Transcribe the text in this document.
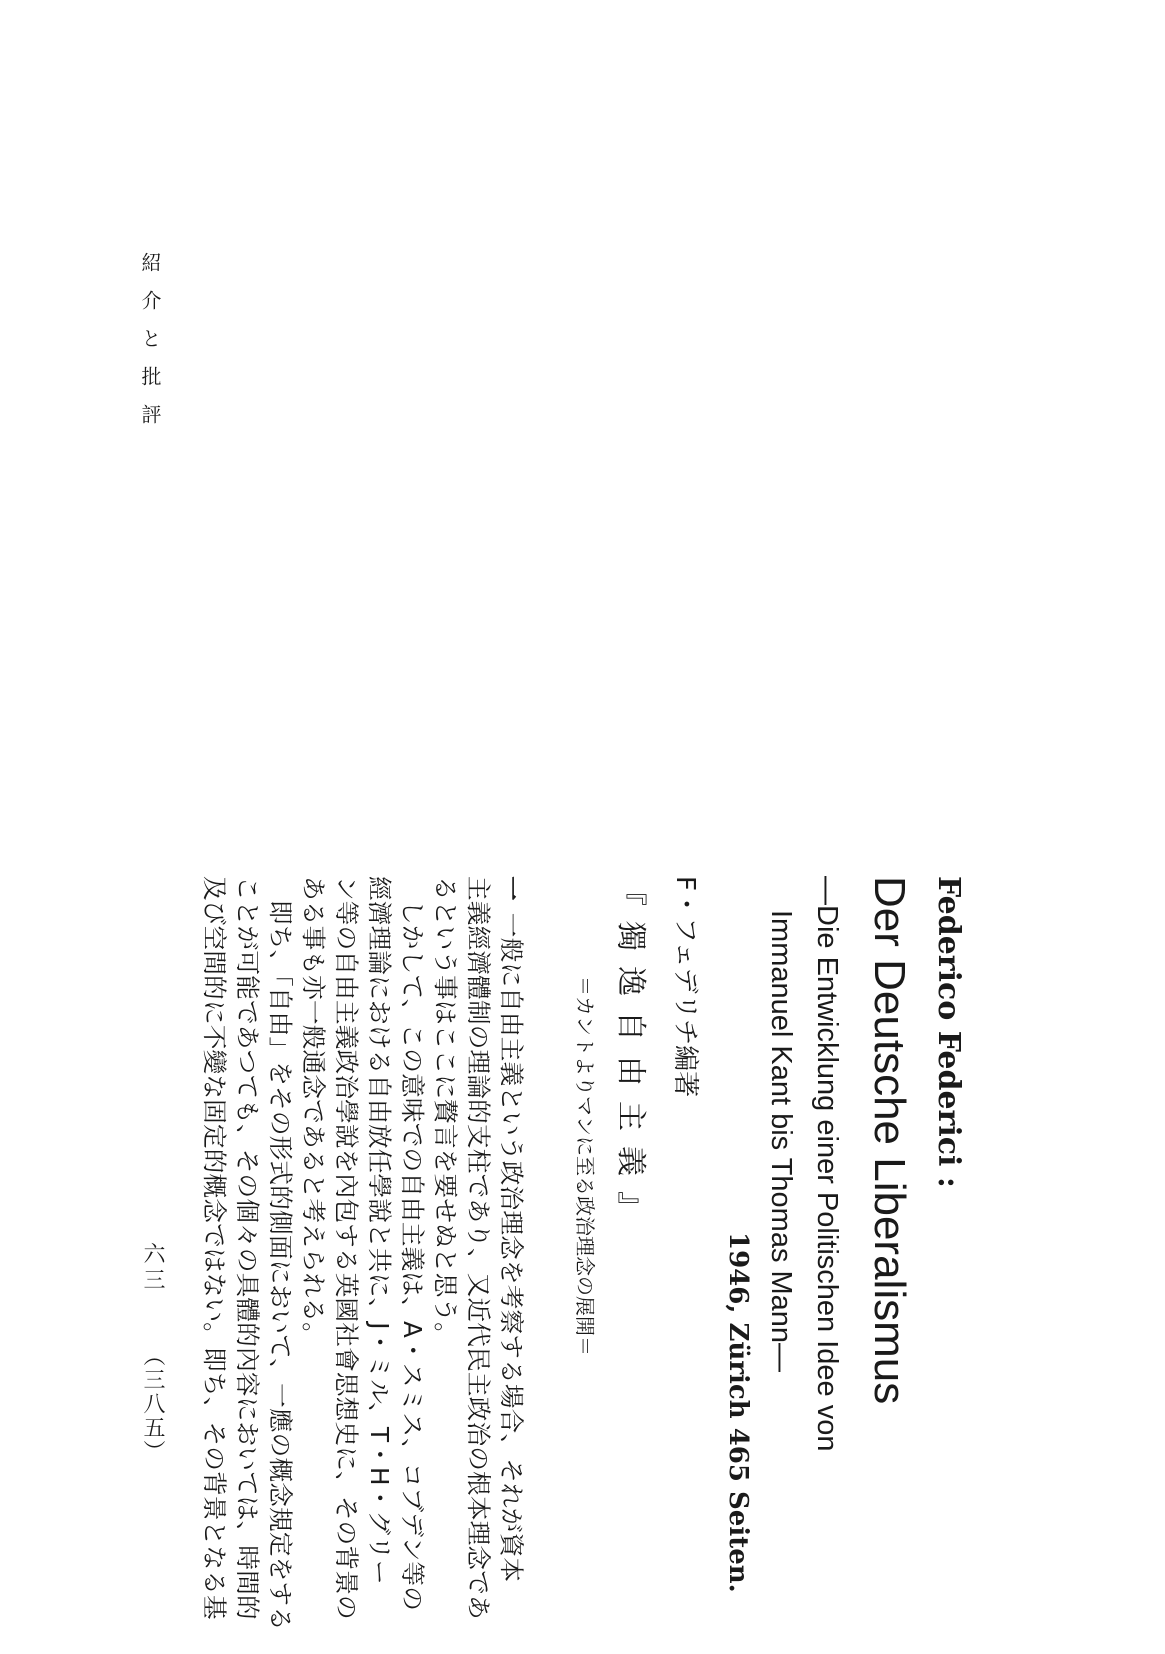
紹介と批評
Federico Federici :
Der Deutsche Liberalismus
—Die Entwicklung einer Politischen Idee von
Immanuel Kant bis Thomas Mann—
1946, Zürich 465 Seiten.
F・フェデリチ編著
『獨逸自由主義』
＝カントよりマンに至る政治理念の展開＝
一一般に自由主義という政治理念を考察する場合、それが資本
主義經濟體制の理論的支柱であり、又近代民主政治の根本理念であ
るという事はここに贅言を要せぬと思う。
しかして、この意味での自由主義は、A・スミス、コブデン等の
經濟理論における自由放任學說と共に、J・ミル、T・H・グリー
ン等の自由主義政治學說を內包する英國社會思想史に、その背景の
ある事も亦一般通念であると考えられる。
即ち、「自由」をその形式的側面において、一應の概念規定をする
ことが可能であつても、その個々の具體的內容においては、時間的
及び空間的に不變な固定的概念ではない。即ち、その背景となる基
六三
（三八五）
